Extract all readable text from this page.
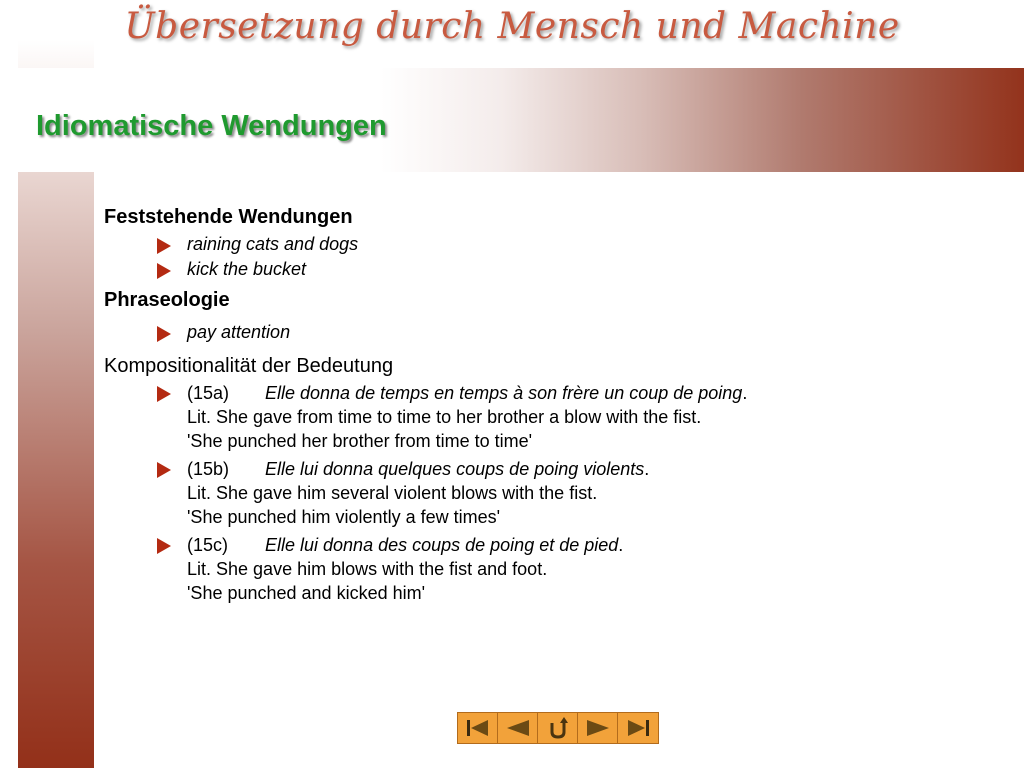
Übersetzung durch Mensch und Machine
Idiomatische Wendungen
Feststehende Wendungen
raining cats and dogs
kick the bucket
Phraseologie
pay attention
Kompositionalität der Bedeutung
(15a) Elle donna de temps en temps à son frère un coup de poing.
Lit. She gave from time to time to her brother a blow with the fist.
'She punched her brother from time to time'
(15b) Elle lui donna quelques coups de poing violents.
Lit. She gave him several violent blows with the fist.
'She punched him violently a few times'
(15c) Elle lui donna des coups de poing et de pied.
Lit. She gave him blows with the fist and foot.
'She punched and kicked him'
